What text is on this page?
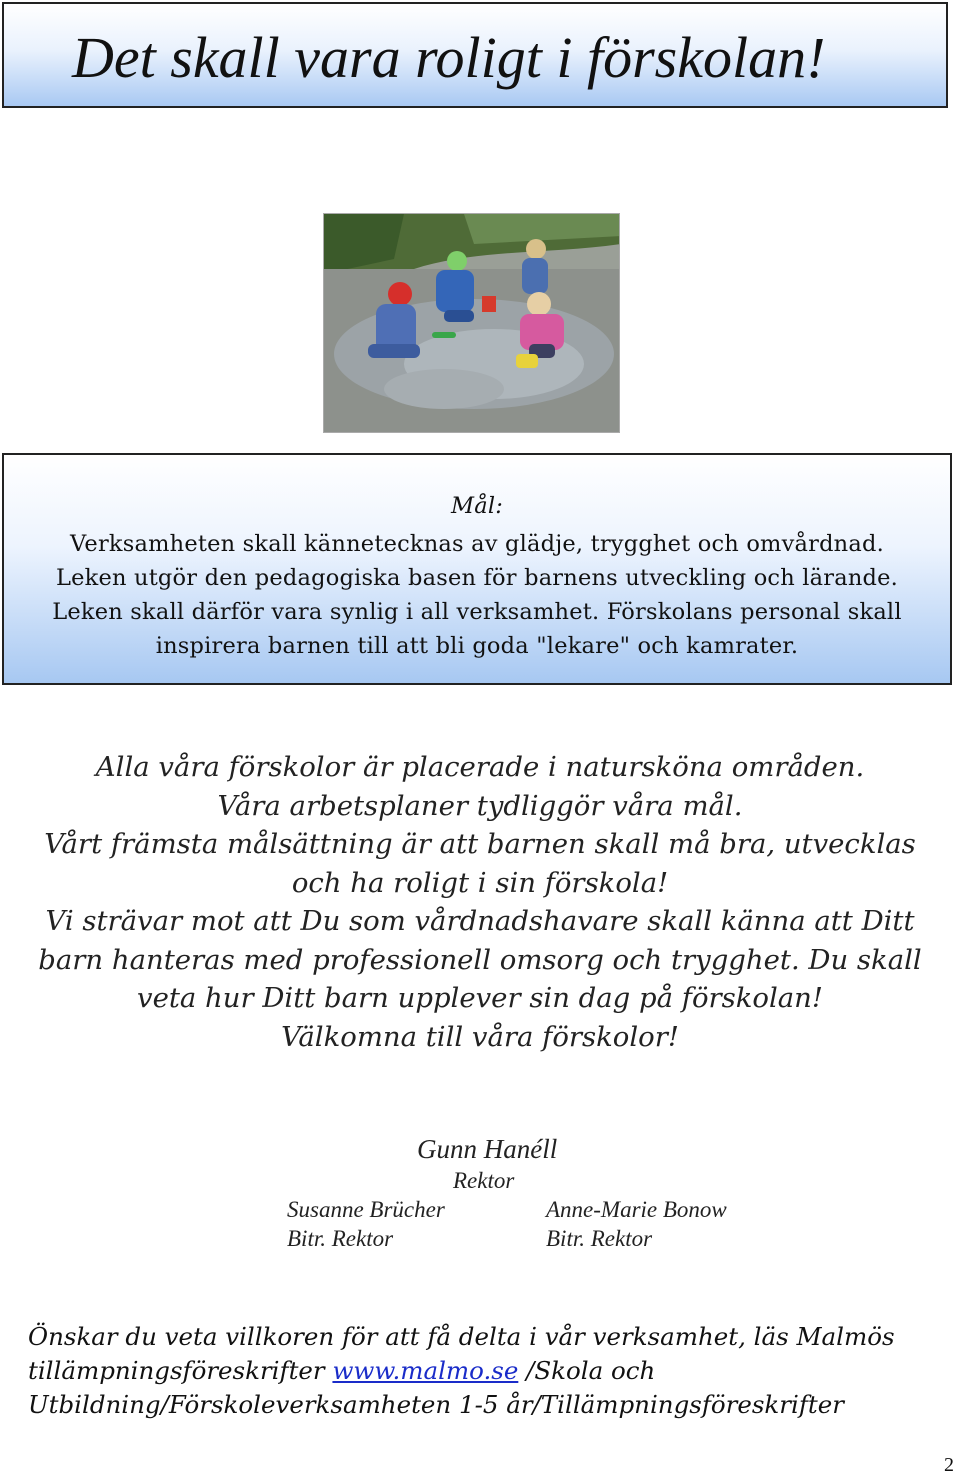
Det skall vara roligt i förskolan!
Mål:
Verksamheten skall kännetecknas av glädje, trygghet och omvårdnad.
Leken utgör den pedagogiska basen för barnens utveckling och lärande.
Leken skall därför vara synlig i all verksamhet. Förskolans personal skall
inspirera barnen till att bli goda "lekare" och kamrater.
Alla våra förskolor är placerade i natursköna områden.
Våra arbetsplaner tydliggör våra mål.
Vårt främsta målsättning är att barnen skall må bra, utvecklas
och ha roligt i sin förskola!
Vi strävar mot att Du som vårdnadshavare skall känna att Ditt
barn hanteras med professionell omsorg och trygghet. Du skall
veta hur Ditt barn upplever sin dag på förskolan!
Välkomna till våra förskolor!
Gunn Hanéll
Rektor
Susanne Brücher
Bitr. Rektor
Anne-Marie Bonow
Bitr. Rektor
Önskar du veta villkoren för att få delta i vår verksamhet, läs Malmös
tillämpningsföreskrifter www.malmo.se /Skola och
Utbildning/Förskoleverksamheten 1-5 år/Tillämpningsföreskrifter
2
